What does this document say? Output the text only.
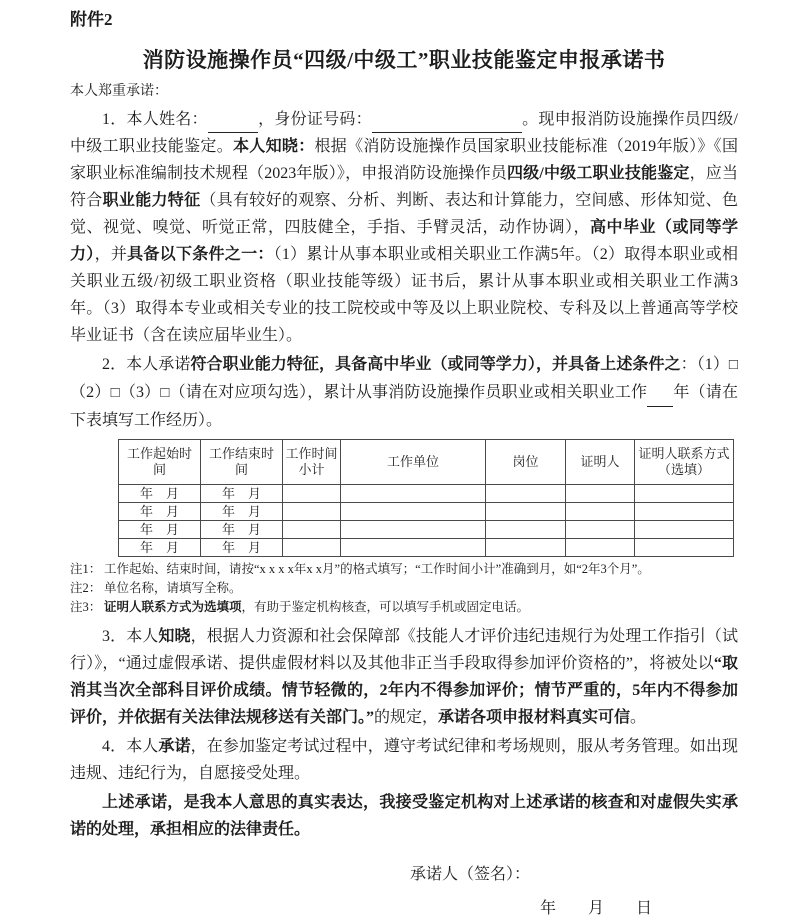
附件2
消防设施操作员“四级/中级工”职业技能鉴定申报承诺书
本人郑重承诺：

1．本人姓名：	，身份证号码：	。现申报消防设施操作员四级/中级工职业技能鉴定。本人知晓：根据《消防设施操作员国家职业技能标准（2019年版）》《国家职业标准编制技术规程（2023年版）》，申报消防设施操作员四级/中级工职业技能鉴定，应当符合职业能力特征（具有较好的观察、分析、判断、表达和计算能力，空间感、形体知觉、色觉、视觉、嗅觉、听觉正常，四肢健全，手指、手臂灵活，动作协调），高中毕业（或同等学力），并具备以下条件之一：（1）累计从事本职业或相关职业工作满5年。（2）取得本职业或相关职业五级/初级工职业资格（职业技能等级）证书后，累计从事本职业或相关职业工作满3年。（3）取得本专业或相关专业的技工院校或中等及以上职业院校、专科及以上普通高等学校毕业证书（含在读应届毕业生）。

2．本人承诺符合职业能力特征，具备高中毕业（或同等学力），并具备上述条件之：（1）□（2）□（3）□（请在对应项勾选），累计从事消防设施操作员职业或相关职业工作 年（请在下表填写工作经历）。

工作起始时间	工作结束时间	工作时间小计	工作单位	岗位	证明人	证明人联系方式（选填）
年　月	年　月					
年　月	年　月					
年　月	年　月					
年　月	年　月					
注1： 工作起始、结束时间，请按“x x x x年x x月”的格式填写；“工作时间小计”准确到月，如“2年3个月”。
注2： 单位名称，请填写全称。
注3： 证明人联系方式为选填项，有助于鉴定机构核查，可以填写手机或固定电话。

3．本人知晓，根据人力资源和社会保障部《技能人才评价违纪违规行为处理工作指引（试行）》，“通过虚假承诺、提供虚假材料以及其他非正当手段取得参加评价资格的”，将被处以“取消其当次全部科目评价成绩。情节轻微的，2年内不得参加评价；情节严重的，5年内不得参加评价，并依据有关法律法规移送有关部门。”的规定，承诺各项申报材料真实可信。

4．本人承诺，在参加鉴定考试过程中，遵守考试纪律和考场规则，服从考务管理。如出现违规、违纪行为，自愿接受处理。

上述承诺，是我本人意思的真实表达，我接受鉴定机构对上述承诺的核查和对虚假失实承诺的处理，承担相应的法律责任。

承诺人（签名）：
年　　月　　日
